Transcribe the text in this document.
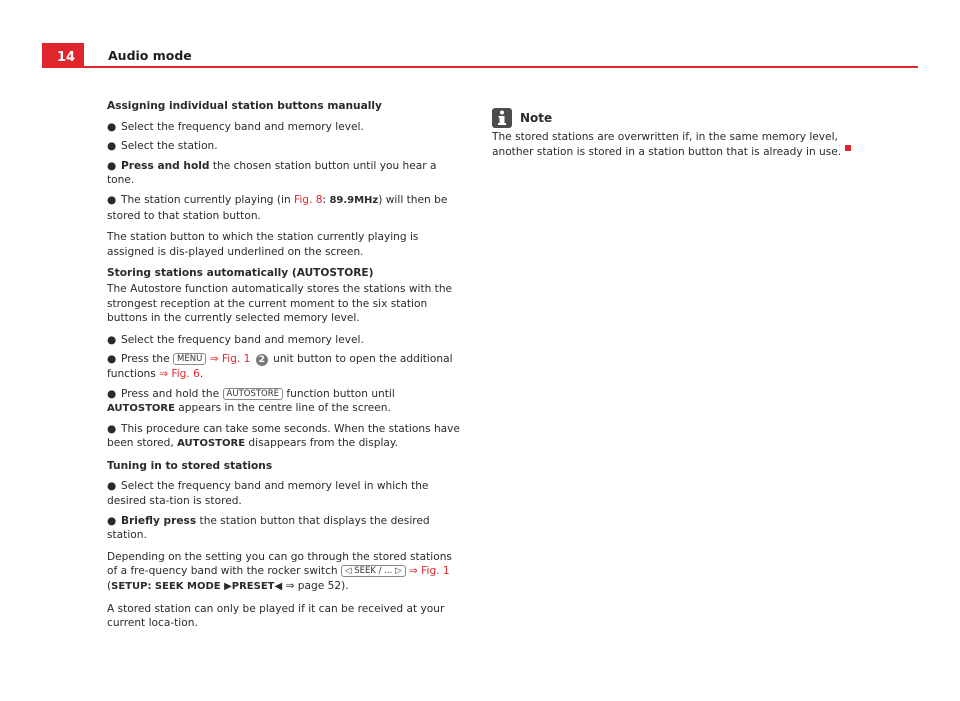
14	Audio mode
Assigning individual station buttons manually
● Select the frequency band and memory level.
● Select the station.
● Press and hold the chosen station button until you hear a tone.
● The station currently playing (in Fig. 8: 89.9MHz) will then be stored to that station button.
The station button to which the station currently playing is assigned is dis-played underlined on the screen.
Storing stations automatically (AUTOSTORE)
The Autostore function automatically stores the stations with the strongest reception at the current moment to the six station buttons in the currently selected memory level.
● Select the frequency band and memory level.
● Press the MENU ⇒ Fig. 1 2 unit button to open the additional functions ⇒ Fig. 6.
● Press and hold the AUTOSTORE function button until AUTOSTORE appears in the centre line of the screen.
● This procedure can take some seconds. When the stations have been stored, AUTOSTORE disappears from the display.
Tuning in to stored stations
● Select the frequency band and memory level in which the desired sta-tion is stored.
● Briefly press the station button that displays the desired station.
Depending on the setting you can go through the stored stations of a fre-quency band with the rocker switch ◁ SEEK / ... ▷ ⇒ Fig. 1 (SETUP: SEEK MODE ▶PRESET◀ ⇒ page 52).
A stored station can only be played if it can be received at your current loca-tion.
Note
The stored stations are overwritten if, in the same memory level, another station is stored in a station button that is already in use.
